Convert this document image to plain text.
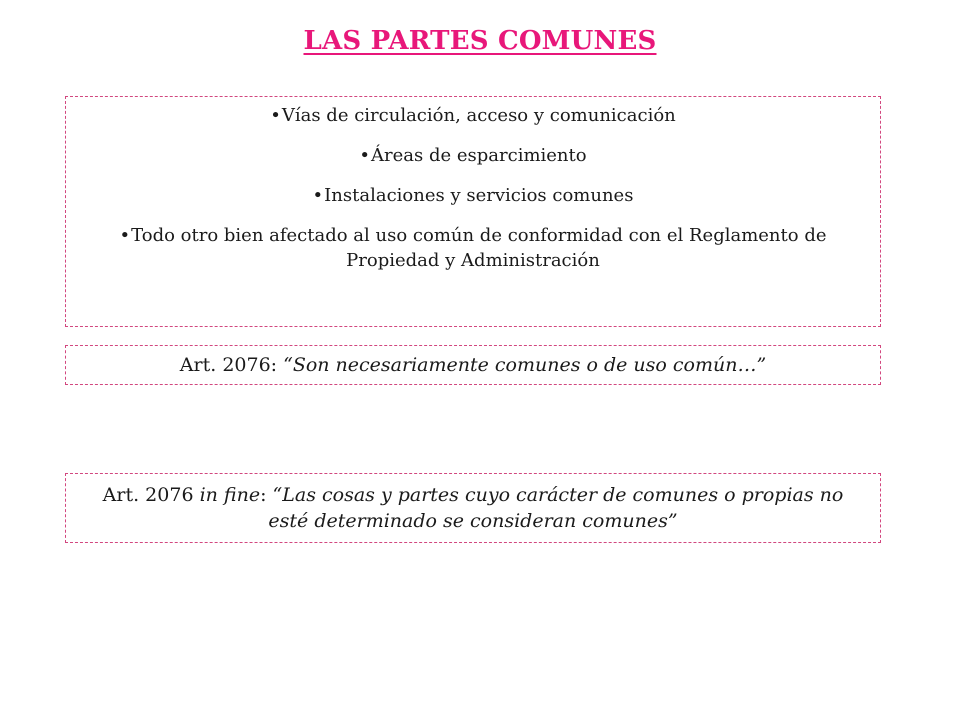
LAS PARTES COMUNES
•Vías de circulación, acceso y comunicación
•Áreas de esparcimiento
•Instalaciones y servicios comunes
•Todo otro bien afectado al uso común de conformidad con el Reglamento de Propiedad y Administración
Art. 2076: “Son necesariamente comunes o de uso común…”
Art. 2076 in fine: “Las cosas y partes cuyo carácter de comunes o propias no esté determinado se consideran comunes”
